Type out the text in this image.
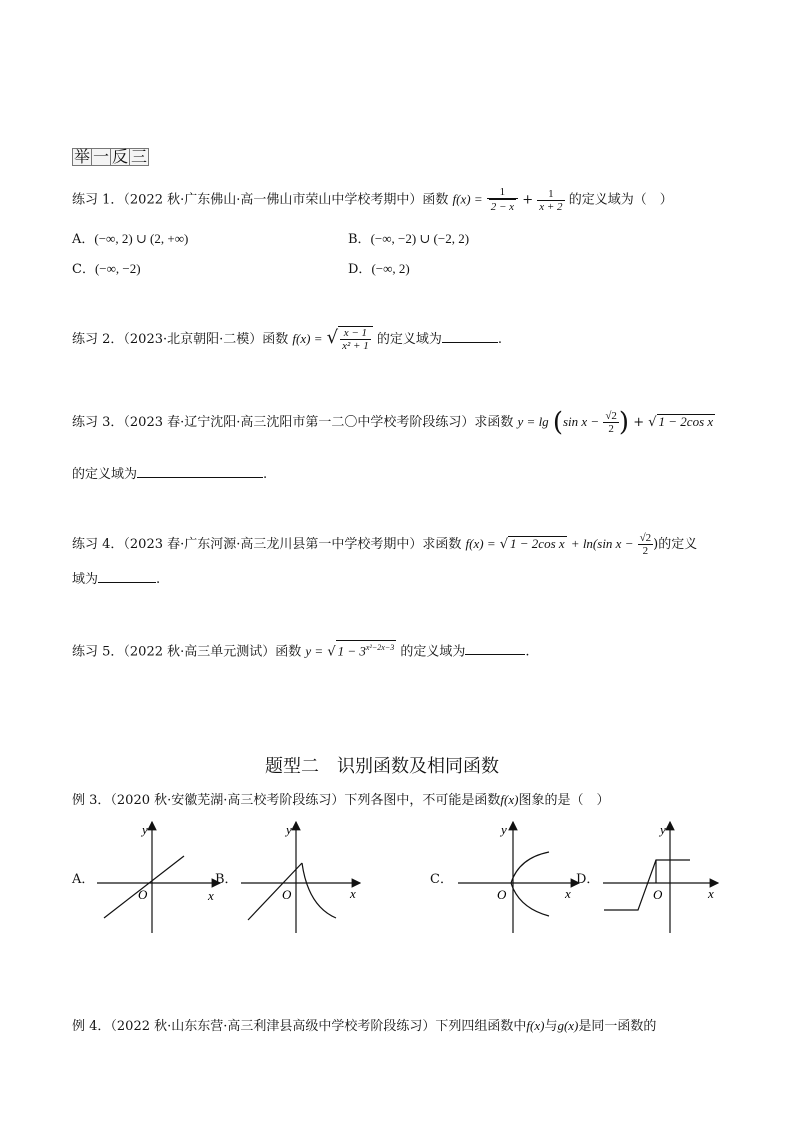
举 一 反 三
练习 1．（2022 秋·广东佛山·高一佛山市荣山中学校考期中）函数 $f(x) = \frac{1}{2 - x} + \frac{1}{x + 2}$ 的定义域为（　）
A．(−∞, 2) ∪ (2, +∞)	B．(−∞, −2) ∪ (−2, 2)
C．(−∞, −2)	D．(−∞, 2)
练习 2．（2023·北京朝阳·二模）函数 f(x) = √ $\frac{x - 1}{\text{x² + 1}}$ 的定义域为	.
练习 3．（2023 春·辽宁沈阳·高三沈阳市第一二〇中学校考阶段练习）求函数 y = lg (sin $x - \frac{√2}{2}$ ) + √ 1 − 2cos x
的定义域为	.
练习 4．（2023 春·广东河源·高三龙川县第一中学校考期中）求函数 f(x) = √ 1 − 2cos x + ln(sin $x - \frac{√2}{2}$ )的定义
域为	.
练习 5．（2022 秋·高三单元测试）函数 y = √ $1 - 3^{x^2-2x-3}$ 的定义域为	.
题型二　识别函数及相同函数
例 3．（2020 秋·安徽芜湖·高三校考阶段练习）下列各图中，不可能是函数f(x)图象的是（　）
A．	B．	C．	D．
y
x
O
y
x
O
y
x
O
y
x
O
例 4．（2022 秋·山东东营·高三利津县高级中学校考阶段练习）下列四组函数中f(x)与g(x)是同一函数的
